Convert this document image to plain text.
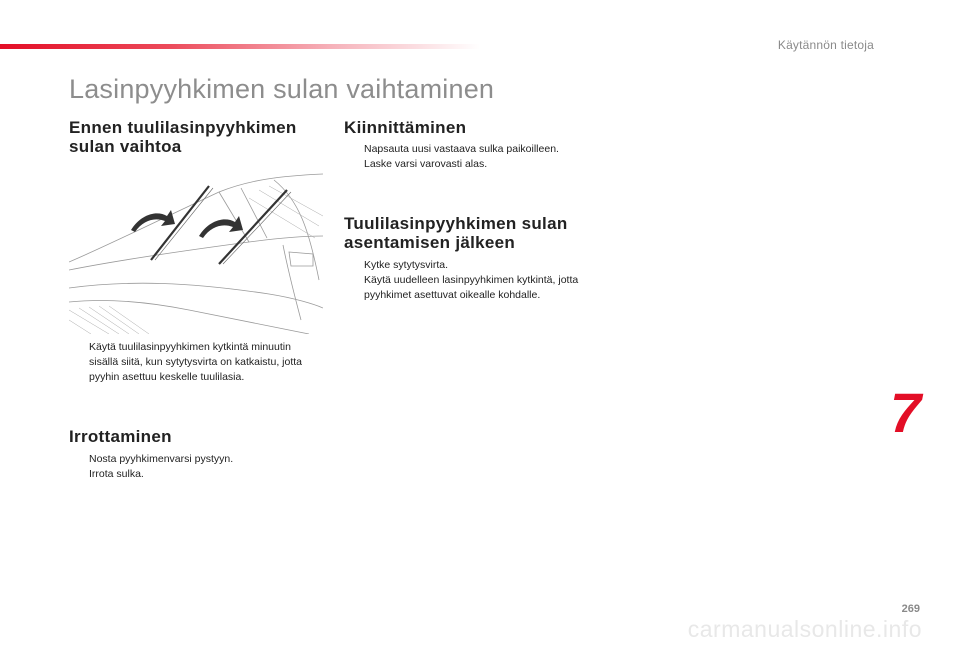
Käytännön tietoja
Lasinpyyhkimen sulan vaihtaminen
Ennen tuulilasinpyyhkimen sulan vaihtoa
Käytä tuulilasinpyyhkimen kytkintä minuutin sisällä siitä, kun sytytysvirta on katkaistu, jotta pyyhin asettuu keskelle tuulilasia.
Irrottaminen
Nosta pyyhkimenvarsi pystyyn.
Irrota sulka.
Kiinnittäminen
Napsauta uusi vastaava sulka paikoilleen.
Laske varsi varovasti alas.
Tuulilasinpyyhkimen sulan asentamisen jälkeen
Kytke sytytysvirta.
Käytä uudelleen lasinpyyhkimen kytkintä, jotta pyyhkimet asettuvat oikealle kohdalle.
7
269
carmanualsonline.info
